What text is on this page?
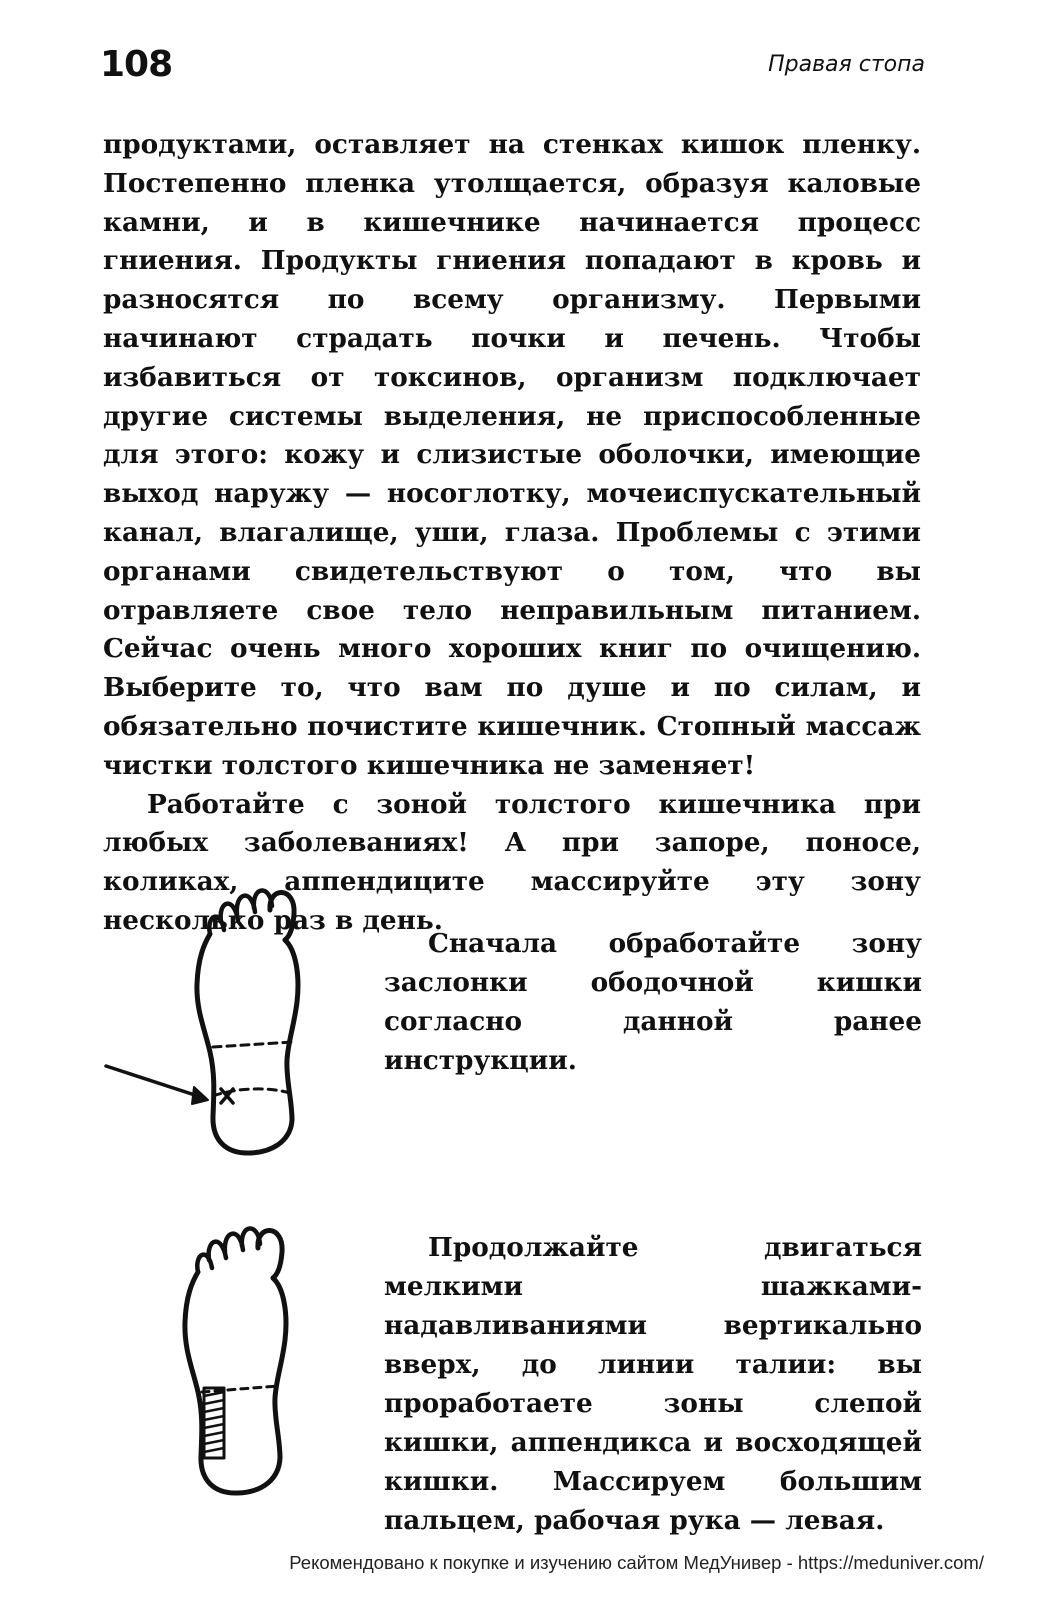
108	Правая стопа

продуктами, оставляет на стенках кишок пленку. Постепенно пленка утолщается, образуя каловые камни, и в кишечнике начинается процесс гниения. Продукты гниения попадают в кровь и разносятся по всему организму. Первыми начинают страдать почки и печень. Чтобы избавиться от токсинов, организм подключает другие системы выделения, не приспособленные для этого: кожу и слизистые оболочки, имеющие выход наружу — носоглотку, мочеиспускательный канал, влагалище, уши, глаза. Проблемы с этими органами свидетельствуют о том, что вы отравляете свое тело неправильным питанием. Сейчас очень много хороших книг по очищению. Выберите то, что вам по душе и по силам, и обязательно почистите кишечник. Стопный массаж чистки толстого кишечника не заменяет!

Работайте с зоной толстого кишечника при любых заболеваниях! А при запоре, поносе, коликах, аппендиците массируйте эту зону несколько раз в день.

Сначала обработайте зону заслонки ободочной кишки согласно данной ранее инструкции.

Продолжайте двигаться мелкими шажками-надавливаниями вертикально вверх, до линии талии: вы проработаете зоны слепой кишки, аппендикса и восходящей кишки. Массируем большим пальцем, рабочая рука — левая.

Рекомендовано к покупке и изучению сайтом МедУнивер - https://meduniver.com/
